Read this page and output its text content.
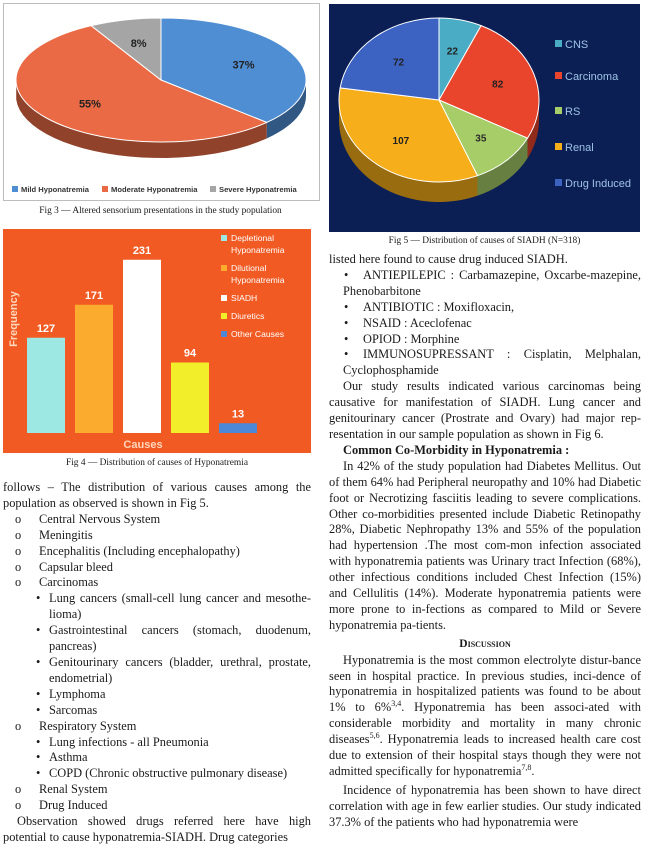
37%
55%
8%
Mild Hyponatremia	Moderate Hyponatremia	Severe Hyponatremia
Fig 3 — Altered sensorium presentations in the study population
127
171
231
94
13
Frequency
Causes
Depletional
Hyponatremia
Dilutional
Hyponatremia
SIADH
Diuretics
Other Causes
Fig 4 — Distribution of causes of Hyponatremia
22
82
35
107
72
CNS
Carcinoma
RS
Renal
Drug Induced
Fig 5 — Distribution of causes of SIADH (N=318)

follows – The distribution of various causes among the population as observed is shown in Fig 5.

o Central Nervous System
o Meningitis
o Encephalitis (Including encephalopathy)
o Capsular bleed
o Carcinomas
• Lung cancers (small-cell lung cancer and mesothe-lioma)
• Gastrointestinal cancers (stomach, duodenum, pancreas)
• Genitourinary cancers (bladder, urethral, prostate, endometrial)
• Lymphoma
• Sarcomas
o Respiratory System
• Lung infections - all Pneumonia
• Asthma
• COPD (Chronic obstructive pulmonary disease)
o Renal System
o Drug Induced

Observation showed drugs referred here have high potential to cause hyponatremia-SIADH. Drug categories

listed here found to cause drug induced SIADH.

•	ANTIEPILEPIC : Carbamazepine, Oxcarbe-mazepine, Phenobarbitone
•	ANTIBIOTIC : Moxifloxacin,
•	NSAID : Aceclofenac
•	OPIOD : Morphine
•	IMMUNOSUPRESSANT : Cisplatin, Melphalan, Cyclophosphamide

Our study results indicated various carcinomas being causative for manifestation of SIADH. Lung cancer and genitourinary cancer (Prostrate and Ovary) had major rep-resentation in our sample population as shown in Fig 6.

Common Co-Morbidity in Hyponatremia :

In 42% of the study population had Diabetes Mellitus. Out of them 64% had Peripheral neuropathy and 10% had Diabetic foot or Necrotizing fasciitis leading to severe complications. Other co-morbidities presented include Diabetic Retinopathy 28%, Diabetic Nephropathy 13% and 55% of the population had hypertension .The most com-mon infection associated with hyponatremia patients was Urinary tract Infection (68%), other infectious conditions included Chest Infection (15%) and Cellulitis (14%). Moderate hyponatremia patients were more prone to in-fections as compared to Mild or Severe hyponatremia pa-tients.

Discussion

Hyponatremia is the most common electrolyte distur-bance seen in hospital practice. In previous studies, inci-dence of hyponatremia in hospitalized patients was found to be about 1% to 6%$^{3,4}$. Hyponatremia has been associ-ated with considerable morbidity and mortality in many chronic diseases$^{5,6}$. Hyponatremia leads to increased health care cost due to extension of their hospital stays though they were not admitted specifically for hyponatremia$^{7,8}$.

Incidence of hyponatremia has been shown to have direct correlation with age in few earlier studies. Our study indicated 37.3% of the patients who had hyponatremia were
